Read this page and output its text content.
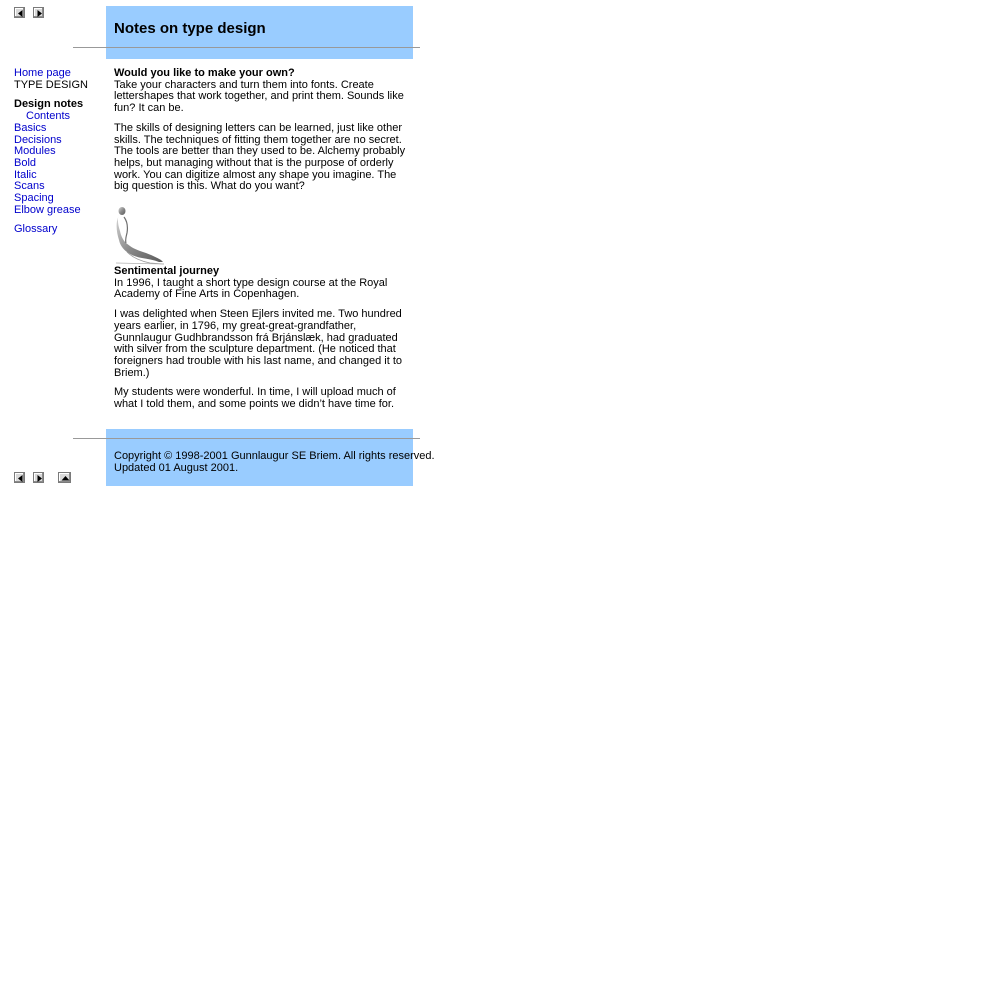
Notes on type design
Home page
TYPE DESIGN
Design notes
Contents
Basics
Decisions
Modules
Bold
Italic
Scans
Spacing
Elbow grease
Glossary

Would you like to make your own?
Take your characters and turn them into fonts. Create lettershapes that work together, and print them. Sounds like fun? It can be.

The skills of designing letters can be learned, just like other skills. The techniques of fitting them together are no secret. The tools are better than they used to be. Alchemy probably helps, but managing without that is the purpose of orderly work. You can digitize almost any shape you imagine. The big question is this. What do you want?

Sentimental journey
In 1996, I taught a short type design course at the Royal Academy of Fine Arts in Copenhagen.

I was delighted when Steen Ejlers invited me. Two hundred years earlier, in 1796, my great-great-grandfather, Gunnlaugur Gudhbrandsson frá Brjánslæk, had graduated with silver from the sculpture department. (He noticed that foreigners had trouble with his last name, and changed it to Briem.)

My students were wonderful. In time, I will upload much of what I told them, and some points we didn’t have time for.

Copyright © 1998-2001 Gunnlaugur SE Briem. All rights reserved.
Updated 01 August 2001.
